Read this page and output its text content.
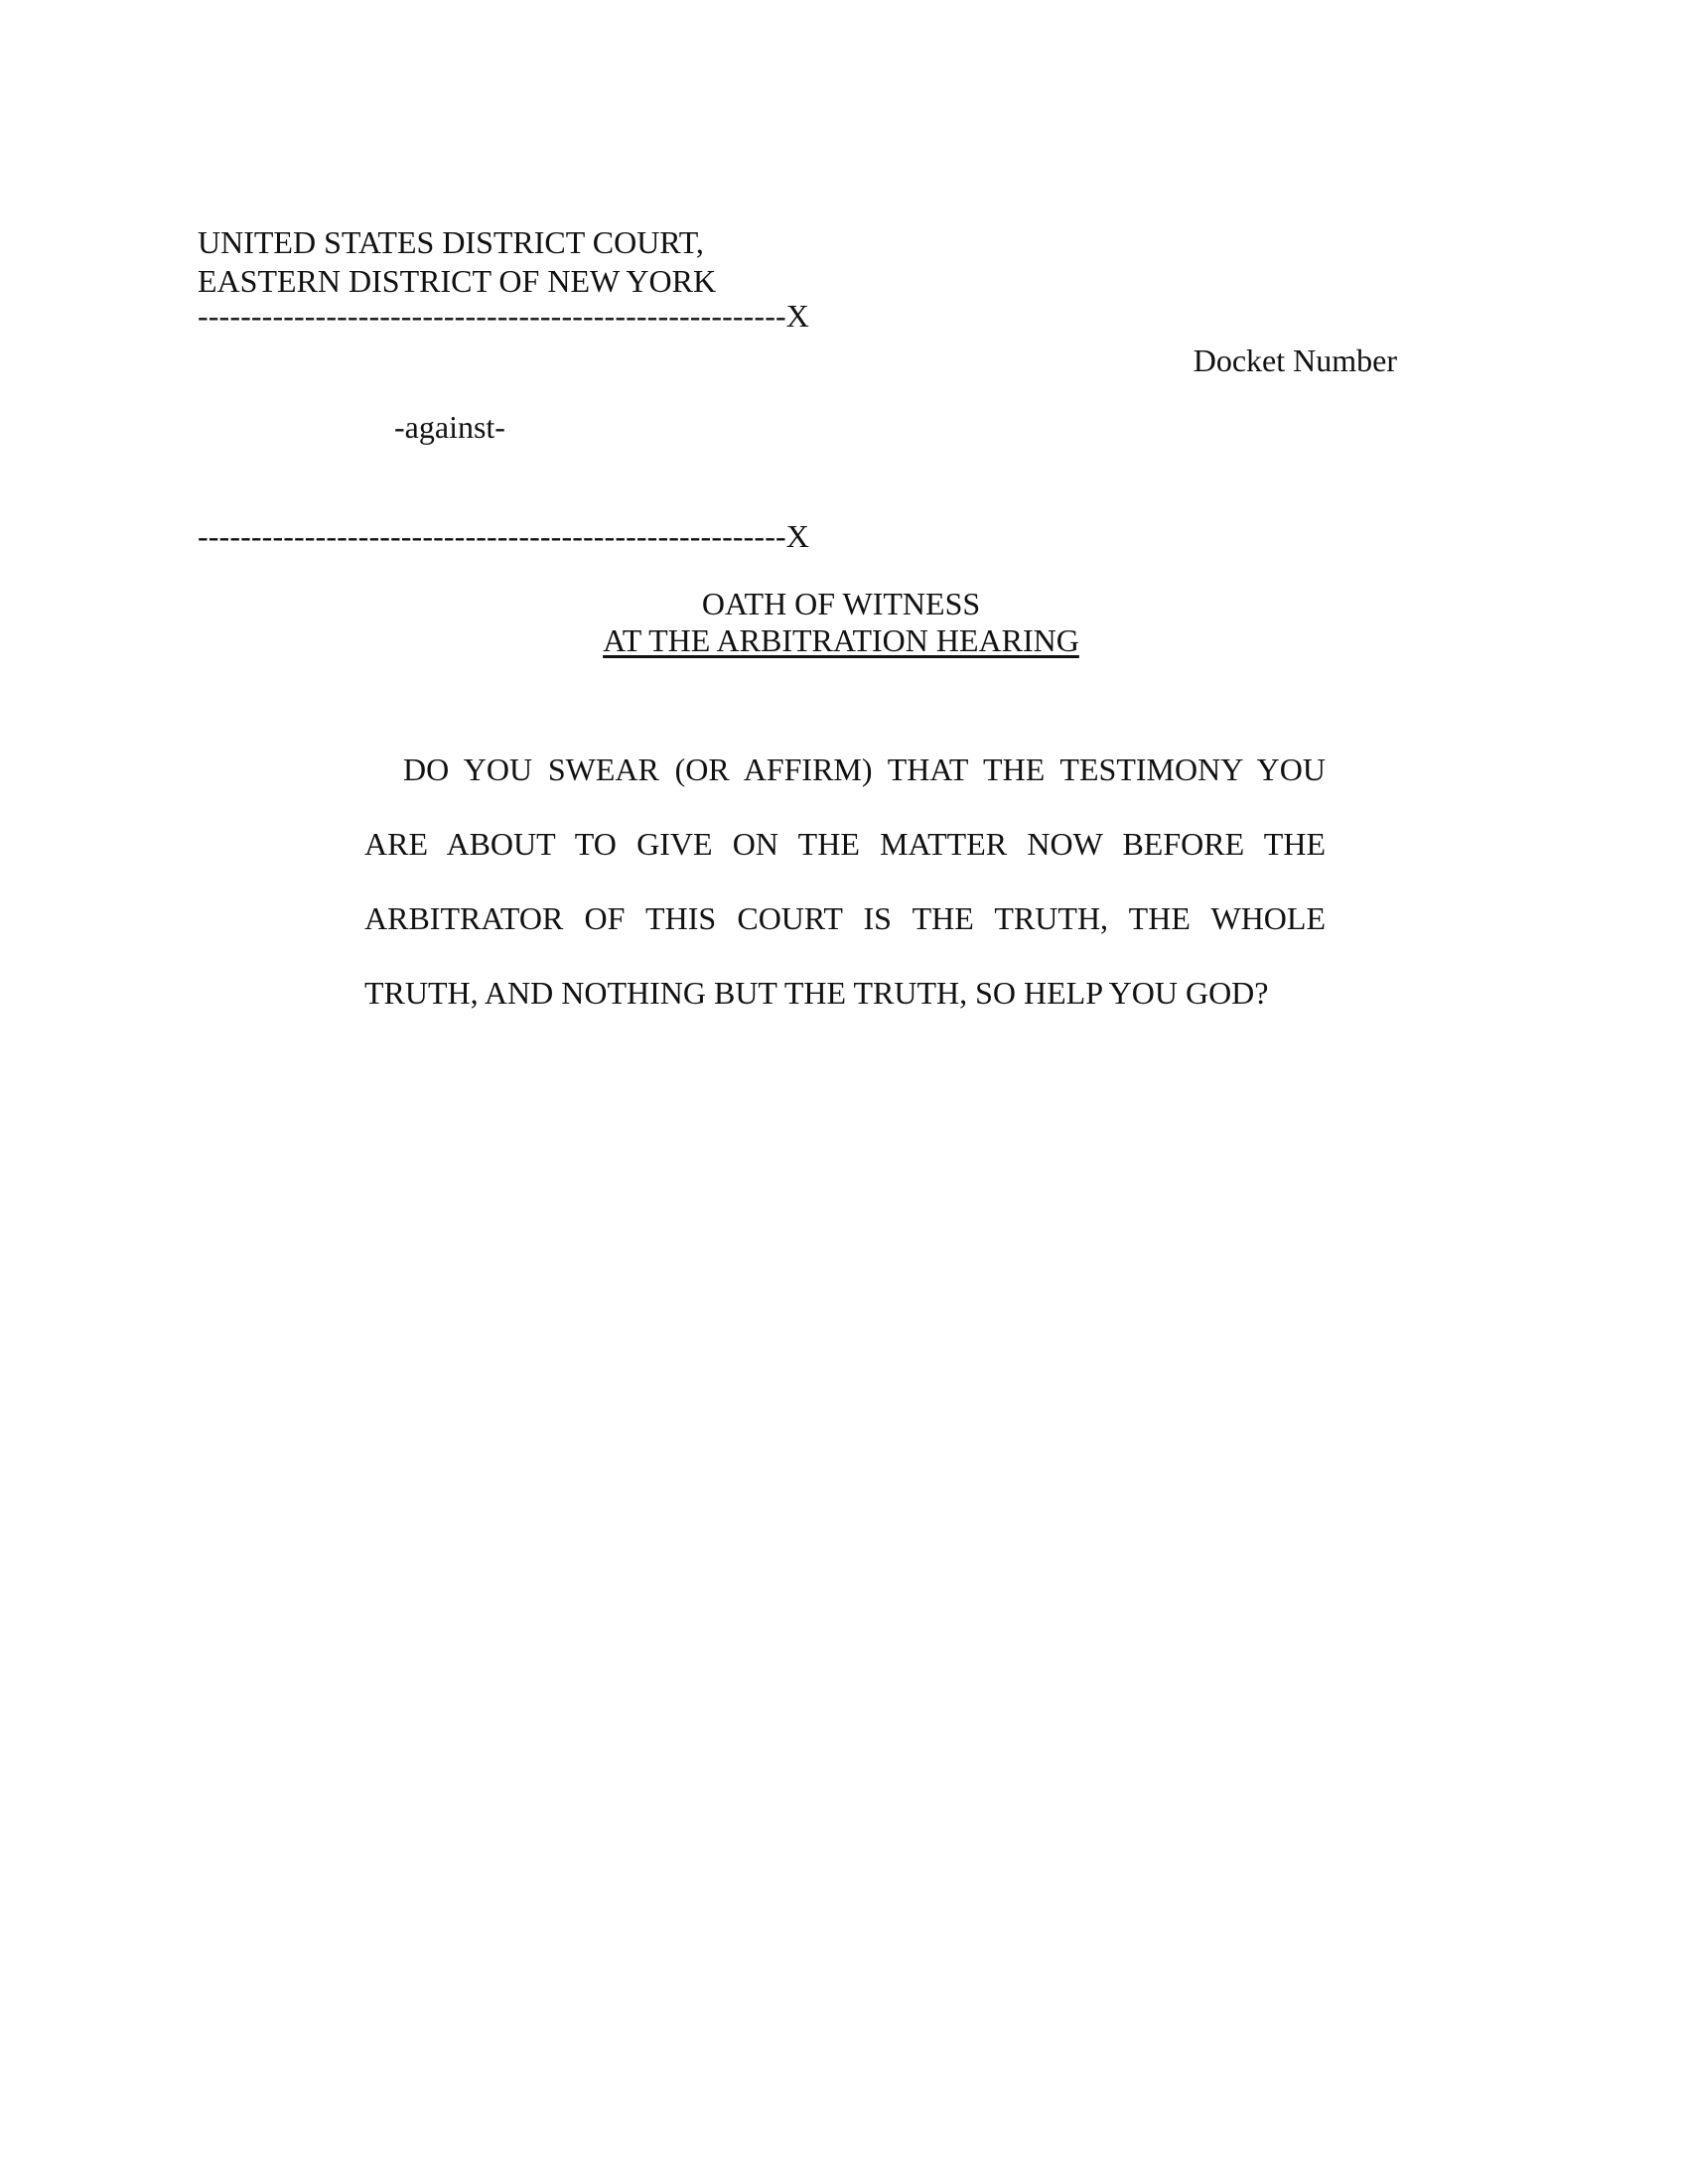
UNITED STATES DISTRICT COURT,
EASTERN DISTRICT OF NEW YORK
-------------------------------------------------------X
Docket Number
-against-
-------------------------------------------------------X
OATH OF WITNESS
AT THE ARBITRATION HEARING

DO YOU SWEAR (OR AFFIRM) THAT THE TESTIMONY YOU ARE ABOUT TO GIVE ON THE MATTER NOW BEFORE THE ARBITRATOR OF THIS COURT IS THE TRUTH, THE WHOLE TRUTH, AND NOTHING BUT THE TRUTH, SO HELP YOU GOD?
